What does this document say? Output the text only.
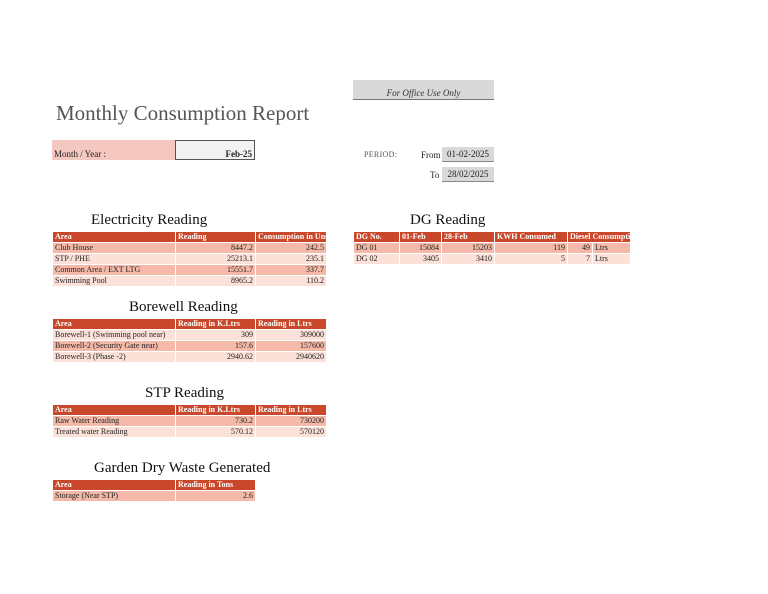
For Office Use Only
Monthly Consumption Report
Month / Year :	Feb-25	PERIOD:	From 01-02-2025
To 28/02/2025
Electricity Reading
Area	Reading	Consumption in Units
Club House	8447.2	242.5
STP / PHE	25213.1	235.1
Common Area / EXT LTG	15551.7	337.7
Swimming Pool	8965.2	110.2
Borewell Reading
Area	Reading in K.Ltrs	Reading in Ltrs
Borewell-1 (Swimming pool near)	309	309000
Borewell-2 (Security Gate near)	157.6	157600
Borewell-3 (Phase -2)	2940.62	2940620
STP Reading
Area	Reading in K.Ltrs	Reading in Ltrs
Raw Water Reading	730.2	730200
Treated water Reading	570.12	570120
Garden Dry Waste Generated
Area	Reading in Tons
Storage (Near STP)	2.6
DG Reading
DG No.	01-Feb	28-Feb	KWH Consumed	Diesel Consumption	
DG 01	15084	15203	119	49	Ltrs
DG 02	3405	3410	5	7	Ltrs
